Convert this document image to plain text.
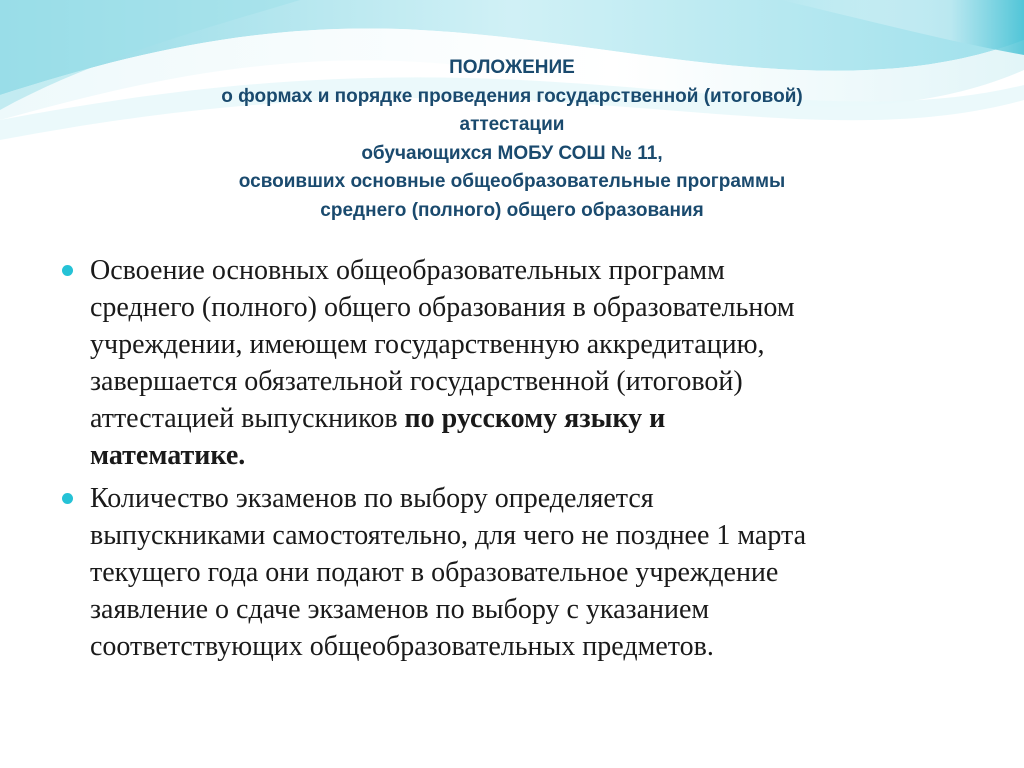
ПОЛОЖЕНИЕ
о формах и порядке проведения государственной (итоговой)
аттестации
обучающихся МОБУ СОШ № 11,
освоивших основные общеобразовательные программы
среднего (полного) общего образования
Освоение основных общеобразовательных программ
среднего (полного) общего образования в образовательном
учреждении, имеющем государственную аккредитацию,
завершается обязательной государственной (итоговой)
аттестацией выпускников по русскому языку и
математике.
Количество экзаменов по выбору определяется
выпускниками самостоятельно, для чего не позднее 1 марта
текущего года они подают в образовательное учреждение
заявление о сдаче экзаменов по выбору с указанием
соответствующих общеобразовательных предметов.
